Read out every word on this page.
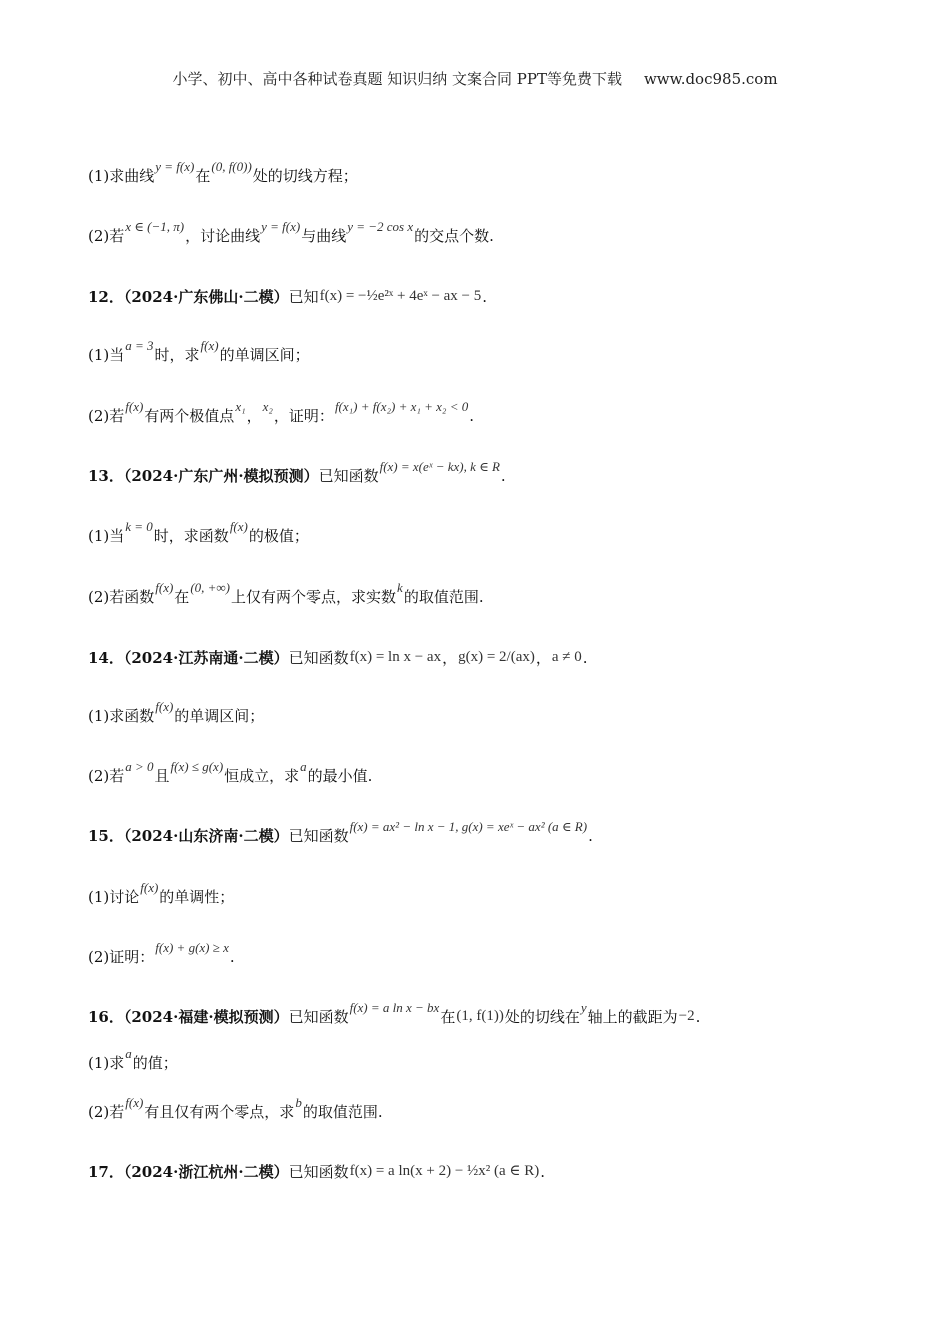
小学、初中、高中各种试卷真题 知识归纳 文案合同 PPT等免费下载 www.doc985.com
(1)求曲线y = f(x)在(0, f(0))处的切线方程；
(2)若x ∈ (−1, π)，讨论曲线y = f(x)与曲线y = −2 cos x的交点个数.
12．（2024·广东佛山·二模）已知f(x) = −½e²ˣ + 4eˣ − ax − 5.
(1)当a = 3时，求f(x)的单调区间；
(2)若f(x)有两个极值点x₁，x₂，证明：f(x₁) + f(x₂) + x₁ + x₂ < 0.
13．（2024·广东广州·模拟预测）已知函数f(x) = x(eˣ − kx), k ∈ R.
(1)当k = 0时，求函数f(x)的极值；
(2)若函数f(x)在(0, +∞)上仅有两个零点，求实数k的取值范围.
14．（2024·江苏南通·二模）已知函数f(x) = ln x − ax，g(x) = 2/(ax)，a ≠ 0.
(1)求函数f(x)的单调区间；
(2)若a > 0且f(x) ≤ g(x)恒成立，求a的最小值.
15．（2024·山东济南·二模）已知函数f(x) = ax² − ln x − 1, g(x) = xeˣ − ax² (a ∈ R).
(1)讨论f(x)的单调性；
(2)证明：f(x) + g(x) ≥ x.
16．（2024·福建·模拟预测）已知函数f(x) = a ln x − bx在(1, f(1))处的切线在y轴上的截距为−2.
(1)求a的值；
(2)若f(x)有且仅有两个零点，求b的取值范围.
17．（2024·浙江杭州·二模）已知函数f(x) = a ln(x + 2) − ½x² (a ∈ R).
